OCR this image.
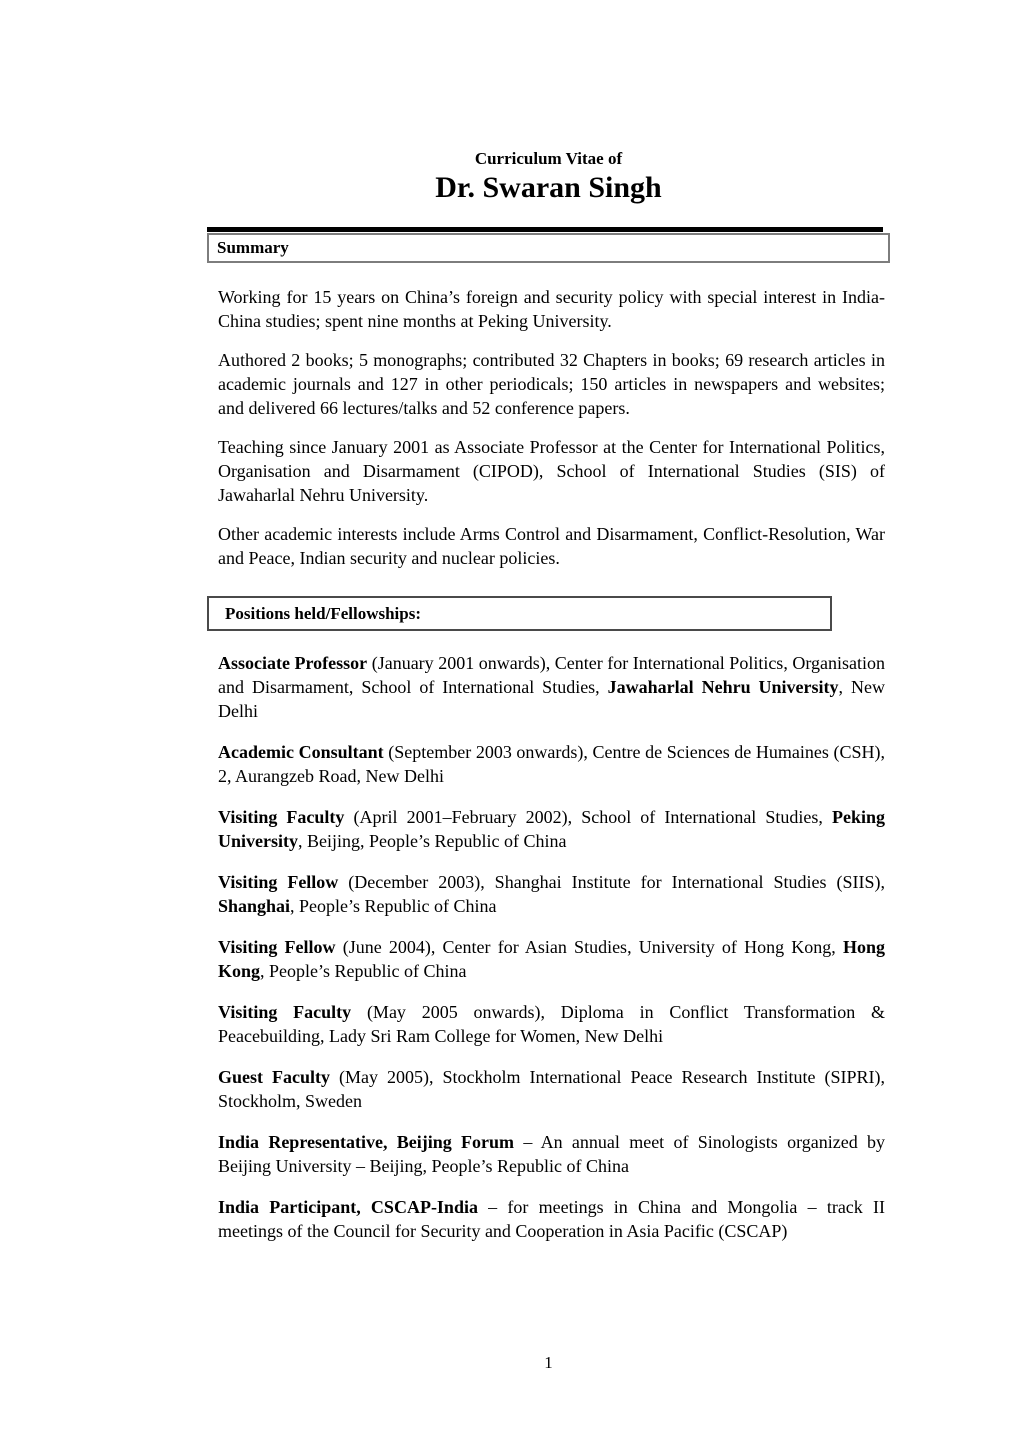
Curriculum Vitae of
Dr. Swaran Singh
Summary

Working for 15 years on China’s foreign and security policy with special interest in India-China studies; spent nine months at Peking University.

Authored 2 books; 5 monographs; contributed 32 Chapters in books; 69 research articles in academic journals and 127 in other periodicals; 150 articles in newspapers and websites; and delivered 66 lectures/talks and 52 conference papers.

Teaching since January 2001 as Associate Professor at the Center for International Politics, Organisation and Disarmament (CIPOD), School of International Studies (SIS) of Jawaharlal Nehru University.

Other academic interests include Arms Control and Disarmament, Conflict-Resolution, War and Peace, Indian security and nuclear policies.

Positions held/Fellowships:

Associate Professor (January 2001 onwards), Center for International Politics, Organisation and Disarmament, School of International Studies, Jawaharlal Nehru University, New Delhi

Academic Consultant (September 2003 onwards), Centre de Sciences de Humaines (CSH), 2, Aurangzeb Road, New Delhi

Visiting Faculty (April 2001–February 2002), School of International Studies, Peking University, Beijing, People’s Republic of China

Visiting Fellow (December 2003), Shanghai Institute for International Studies (SIIS), Shanghai, People’s Republic of China

Visiting Fellow (June 2004), Center for Asian Studies, University of Hong Kong, Hong Kong, People’s Republic of China

Visiting Faculty (May 2005 onwards), Diploma in Conflict Transformation & Peacebuilding, Lady Sri Ram College for Women, New Delhi

Guest Faculty (May 2005), Stockholm International Peace Research Institute (SIPRI), Stockholm, Sweden

India Representative, Beijing Forum – An annual meet of Sinologists organized by Beijing University – Beijing, People’s Republic of China

India Participant, CSCAP-India – for meetings in China and Mongolia – track II meetings of the Council for Security and Cooperation in Asia Pacific (CSCAP)

1
